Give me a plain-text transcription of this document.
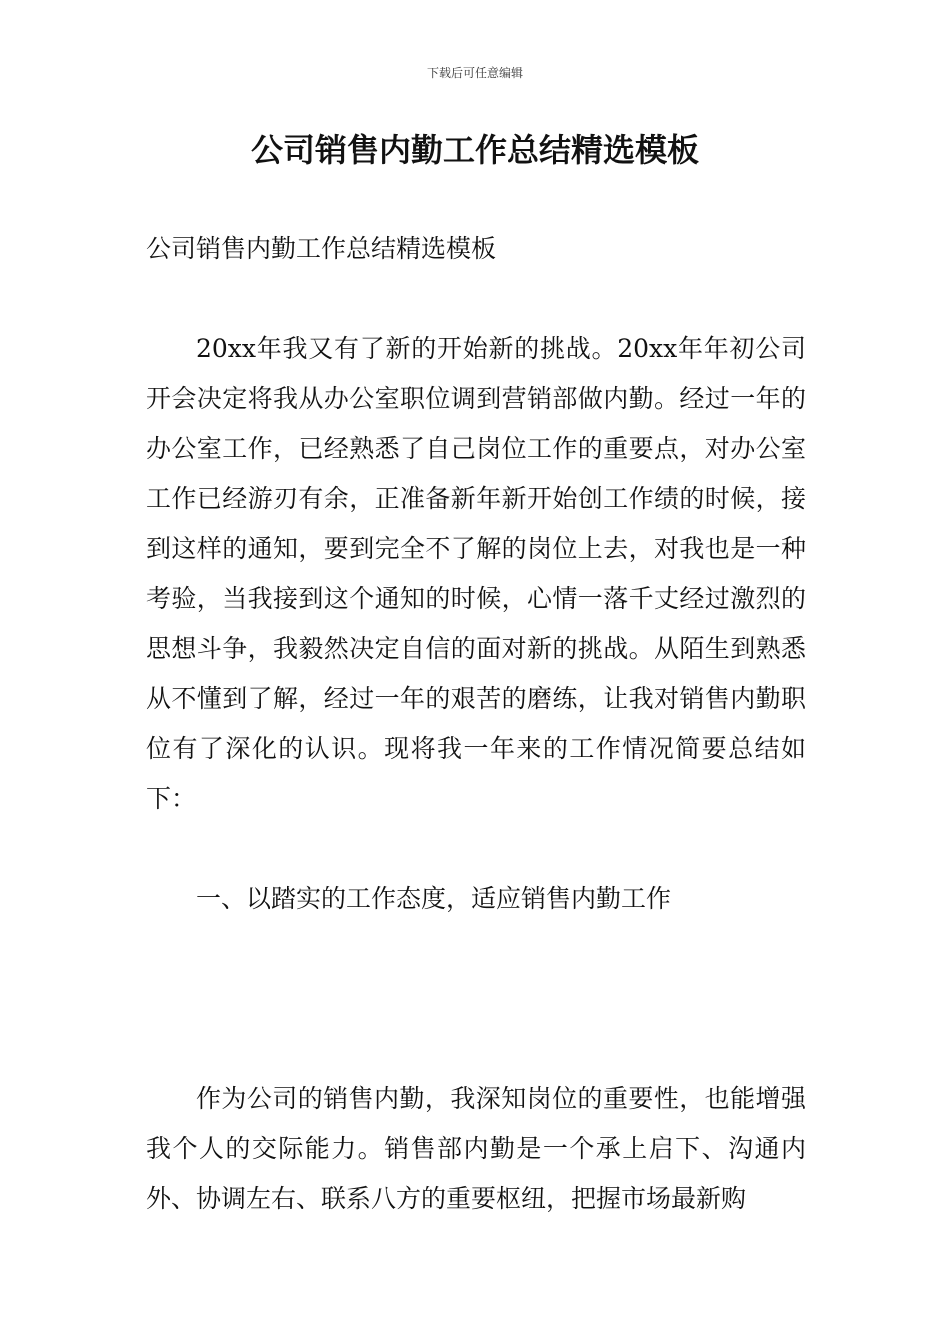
下载后可任意编辑
公司销售内勤工作总结精选模板

公司销售内勤工作总结精选模板

20xx年我又有了新的开始新的挑战。20xx年年初公司开会决定将我从办公室职位调到营销部做内勤。经过一年的办公室工作，已经熟悉了自己岗位工作的重要点，对办公室工作已经游刃有余，正准备新年新开始创工作绩的时候，接到这样的通知，要到完全不了解的岗位上去，对我也是一种考验，当我接到这个通知的时候，心情一落千丈经过激烈的思想斗争，我毅然决定自信的面对新的挑战。从陌生到熟悉从不懂到了解，经过一年的艰苦的磨练，让我对销售内勤职位有了深化的认识。现将我一年来的工作情况简要总结如下：

一、以踏实的工作态度，适应销售内勤工作

作为公司的销售内勤，我深知岗位的重要性，也能增强我个人的交际能力。销售部内勤是一个承上启下、沟通内外、协调左右、联系八方的重要枢纽，把握市场最新购
